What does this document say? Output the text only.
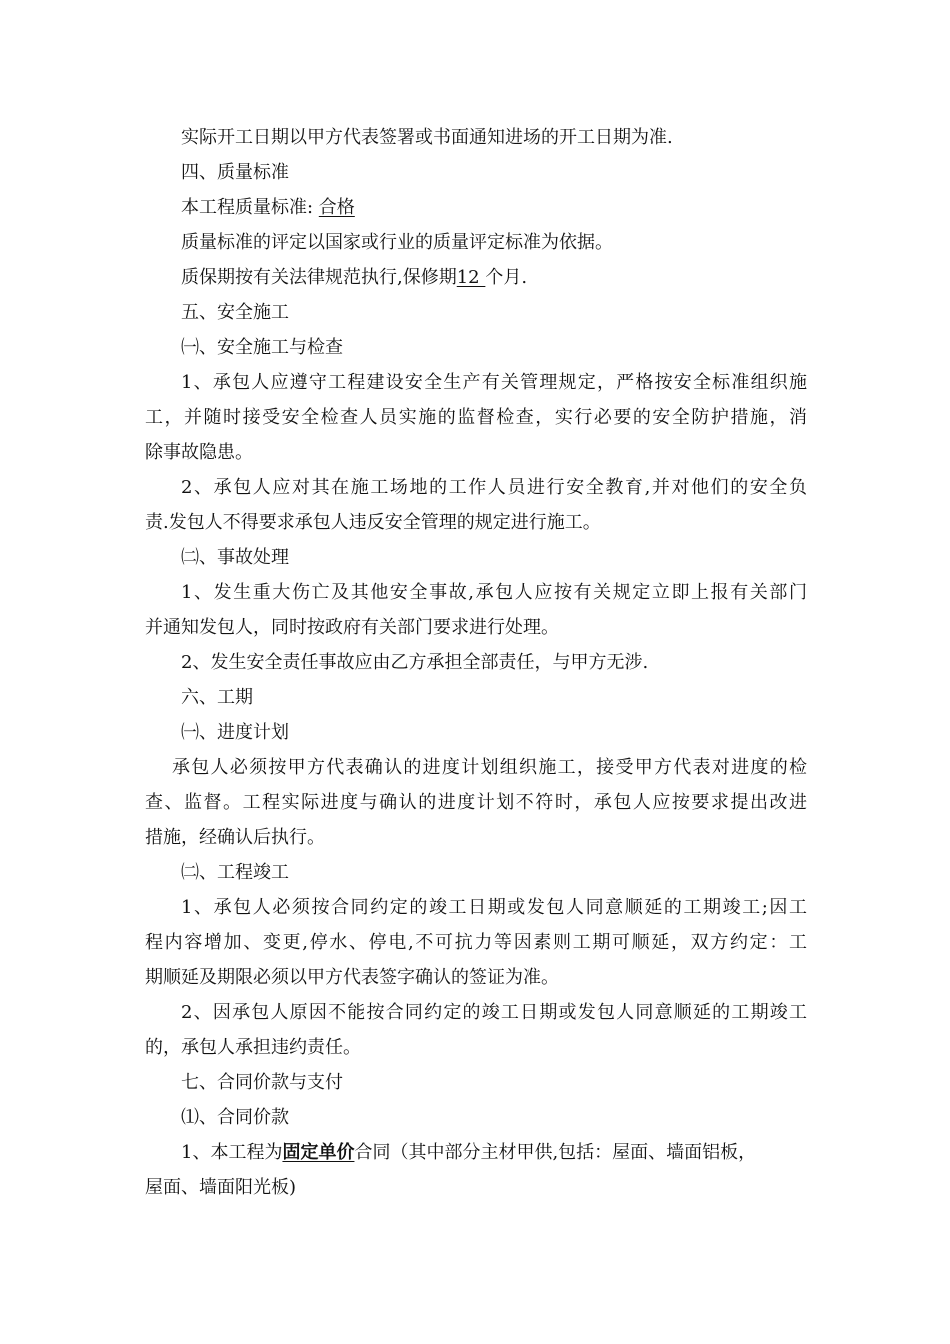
实际开工日期以甲方代表签署或书面通知进场的开工日期为准.
四、质量标准
本工程质量标准: 合格
质量标准的评定以国家或行业的质量评定标准为依据。
质保期按有关法律规范执行,保修期12 个月.
五、安全施工
㈠、安全施工与检查
1、承包人应遵守工程建设安全生产有关管理规定，严格按安全标准组织施
工，并随时接受安全检查人员实施的监督检查，实行必要的安全防护措施，消
除事故隐患。
2、承包人应对其在施工场地的工作人员进行安全教育,并对他们的安全负
责.发包人不得要求承包人违反安全管理的规定进行施工。
㈡、事故处理
1、发生重大伤亡及其他安全事故,承包人应按有关规定立即上报有关部门
并通知发包人，同时按政府有关部门要求进行处理。
2、发生安全责任事故应由乙方承担全部责任，与甲方无涉.
六、工期
㈠、进度计划
承包人必须按甲方代表确认的进度计划组织施工，接受甲方代表对进度的检
查、监督。工程实际进度与确认的进度计划不符时，承包人应按要求提出改进
措施，经确认后执行。
㈡、工程竣工
1、承包人必须按合同约定的竣工日期或发包人同意顺延的工期竣工;因工
程内容增加、变更,停水、停电,不可抗力等因素则工期可顺延，双方约定：工
期顺延及期限必须以甲方代表签字确认的签证为准。
2、因承包人原因不能按合同约定的竣工日期或发包人同意顺延的工期竣工
的，承包人承担违约责任。
七、合同价款与支付
⑴、合同价款
1、本工程为固定单价合同（其中部分主材甲供,包括：屋面、墙面铝板，
屋面、墙面阳光板)
